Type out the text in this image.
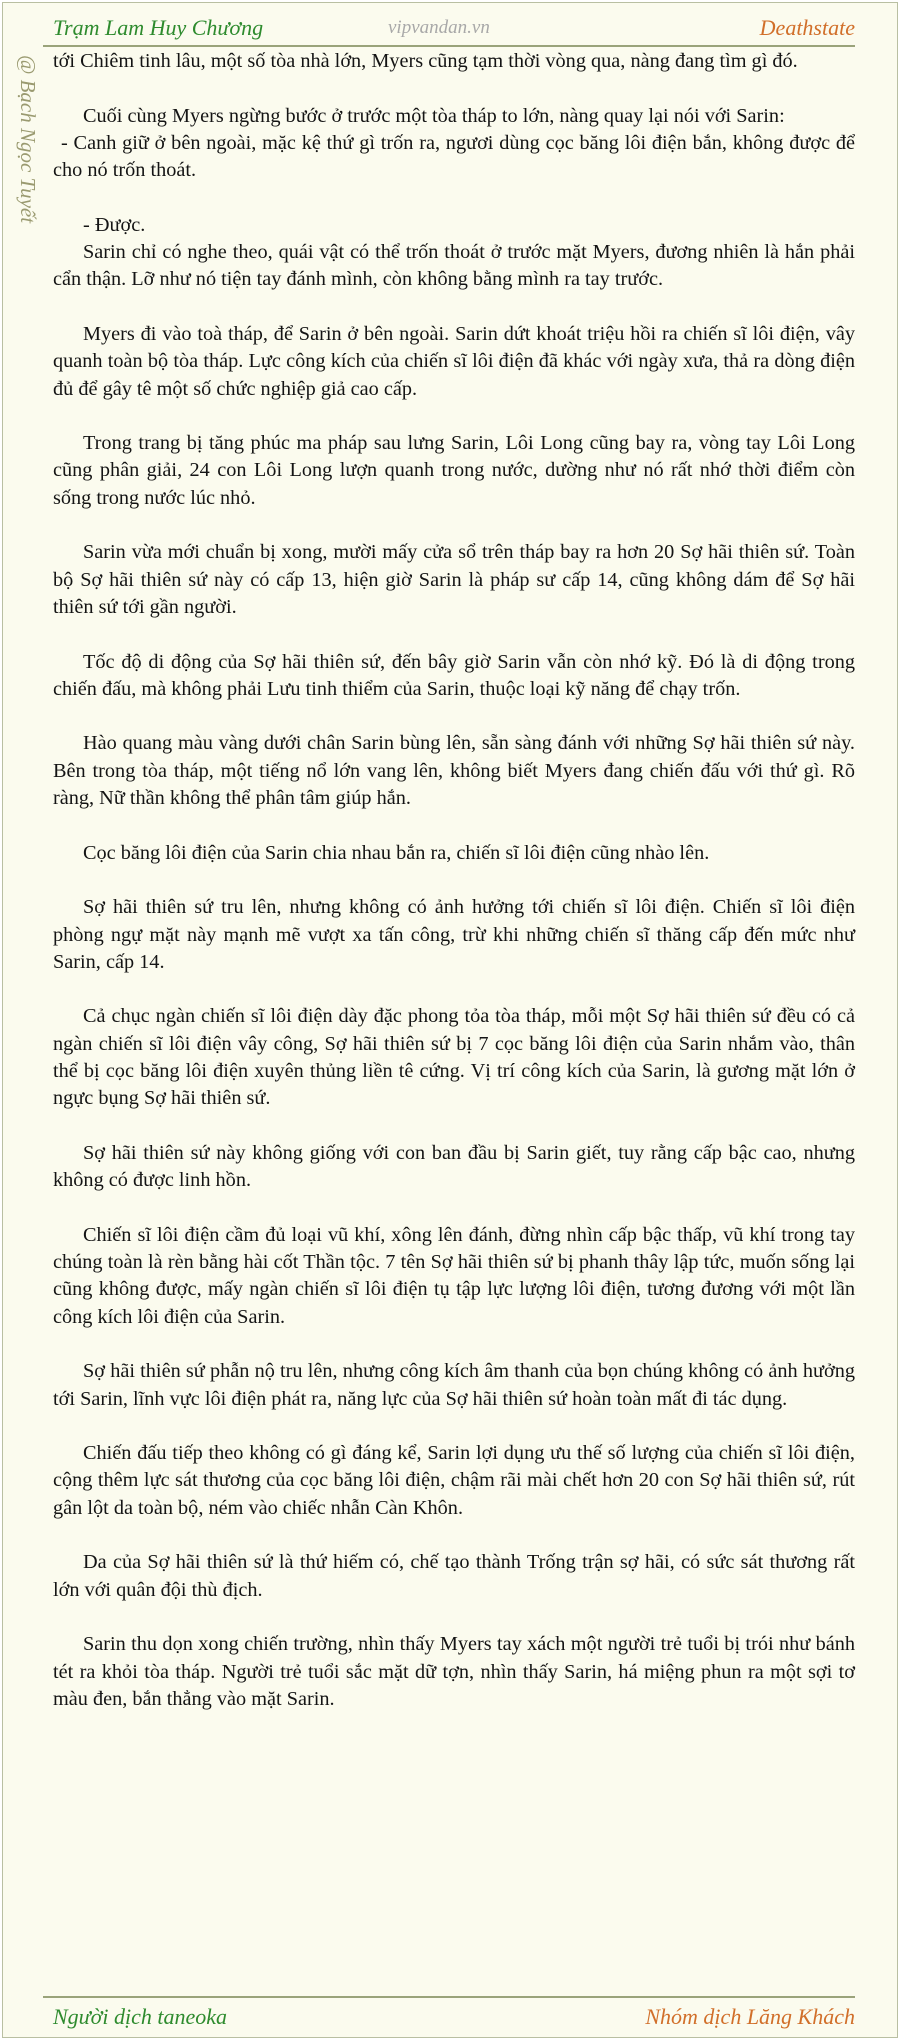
Trạm Lam Huy Chương	vipvandan.vn	Deathstate
@ Bạch Ngọc Tuyết tới Chiêm tinh lâu, một số tòa nhà lớn, Myers cũng tạm thời vòng qua, nàng đang tìm gì đó.

Cuối cùng Myers ngừng bước ở trước một tòa tháp to lớn, nàng quay lại nói với Sarin:

- Canh giữ ở bên ngoài, mặc kệ thứ gì trốn ra, ngươi dùng cọc băng lôi điện bắn, không được để cho nó trốn thoát.

- Được.

Sarin chỉ có nghe theo, quái vật có thể trốn thoát ở trước mặt Myers, đương nhiên là hắn phải cẩn thận. Lỡ như nó tiện tay đánh mình, còn không bằng mình ra tay trước.

Myers đi vào toà tháp, để Sarin ở bên ngoài. Sarin dứt khoát triệu hồi ra chiến sĩ lôi điện, vây quanh toàn bộ tòa tháp. Lực công kích của chiến sĩ lôi điện đã khác với ngày xưa, thả ra dòng điện đủ để gây tê một số chức nghiệp giả cao cấp.

Trong trang bị tăng phúc ma pháp sau lưng Sarin, Lôi Long cũng bay ra, vòng tay Lôi Long cũng phân giải, 24 con Lôi Long lượn quanh trong nước, dường như nó rất nhớ thời điểm còn sống trong nước lúc nhỏ.

Sarin vừa mới chuẩn bị xong, mười mấy cửa sổ trên tháp bay ra hơn 20 Sợ hãi thiên sứ. Toàn bộ Sợ hãi thiên sứ này có cấp 13, hiện giờ Sarin là pháp sư cấp 14, cũng không dám để Sợ hãi thiên sứ tới gần người.

Tốc độ di động của Sợ hãi thiên sứ, đến bây giờ Sarin vẫn còn nhớ kỹ. Đó là di động trong chiến đấu, mà không phải Lưu tinh thiểm của Sarin, thuộc loại kỹ năng để chạy trốn.

Hào quang màu vàng dưới chân Sarin bùng lên, sẵn sàng đánh với những Sợ hãi thiên sứ này. Bên trong tòa tháp, một tiếng nổ lớn vang lên, không biết Myers đang chiến đấu với thứ gì. Rõ ràng, Nữ thần không thể phân tâm giúp hắn.

Cọc băng lôi điện của Sarin chia nhau bắn ra, chiến sĩ lôi điện cũng nhào lên.

Sợ hãi thiên sứ tru lên, nhưng không có ảnh hưởng tới chiến sĩ lôi điện. Chiến sĩ lôi điện phòng ngự mặt này mạnh mẽ vượt xa tấn công, trừ khi những chiến sĩ thăng cấp đến mức như Sarin, cấp 14.

Cả chục ngàn chiến sĩ lôi điện dày đặc phong tỏa tòa tháp, mỗi một Sợ hãi thiên sứ đều có cả ngàn chiến sĩ lôi điện vây công, Sợ hãi thiên sứ bị 7 cọc băng lôi điện của Sarin nhắm vào, thân thể bị cọc băng lôi điện xuyên thủng liền tê cứng. Vị trí công kích của Sarin, là gương mặt lớn ở ngực bụng Sợ hãi thiên sứ.

Sợ hãi thiên sứ này không giống với con ban đầu bị Sarin giết, tuy rằng cấp bậc cao, nhưng không có được linh hồn.

Chiến sĩ lôi điện cầm đủ loại vũ khí, xông lên đánh, đừng nhìn cấp bậc thấp, vũ khí trong tay chúng toàn là rèn bằng hài cốt Thần tộc. 7 tên Sợ hãi thiên sứ bị phanh thây lập tức, muốn sống lại cũng không được, mấy ngàn chiến sĩ lôi điện tụ tập lực lượng lôi điện, tương đương với một lần công kích lôi điện của Sarin.

Sợ hãi thiên sứ phẫn nộ tru lên, nhưng công kích âm thanh của bọn chúng không có ảnh hưởng tới Sarin, lĩnh vực lôi điện phát ra, năng lực của Sợ hãi thiên sứ hoàn toàn mất đi tác dụng.

Chiến đấu tiếp theo không có gì đáng kể, Sarin lợi dụng ưu thế số lượng của chiến sĩ lôi điện, cộng thêm lực sát thương của cọc băng lôi điện, chậm rãi mài chết hơn 20 con Sợ hãi thiên sứ, rút gân lột da toàn bộ, ném vào chiếc nhẫn Càn Khôn.

Da của Sợ hãi thiên sứ là thứ hiếm có, chế tạo thành Trống trận sợ hãi, có sức sát thương rất lớn với quân đội thù địch.

Sarin thu dọn xong chiến trường, nhìn thấy Myers tay xách một người trẻ tuổi bị trói như bánh tét ra khỏi tòa tháp. Người trẻ tuổi sắc mặt dữ tợn, nhìn thấy Sarin, há miệng phun ra một sợi tơ màu đen, bắn thẳng vào mặt Sarin.

Người dịch taneoka	Nhóm dịch Lăng Khách
